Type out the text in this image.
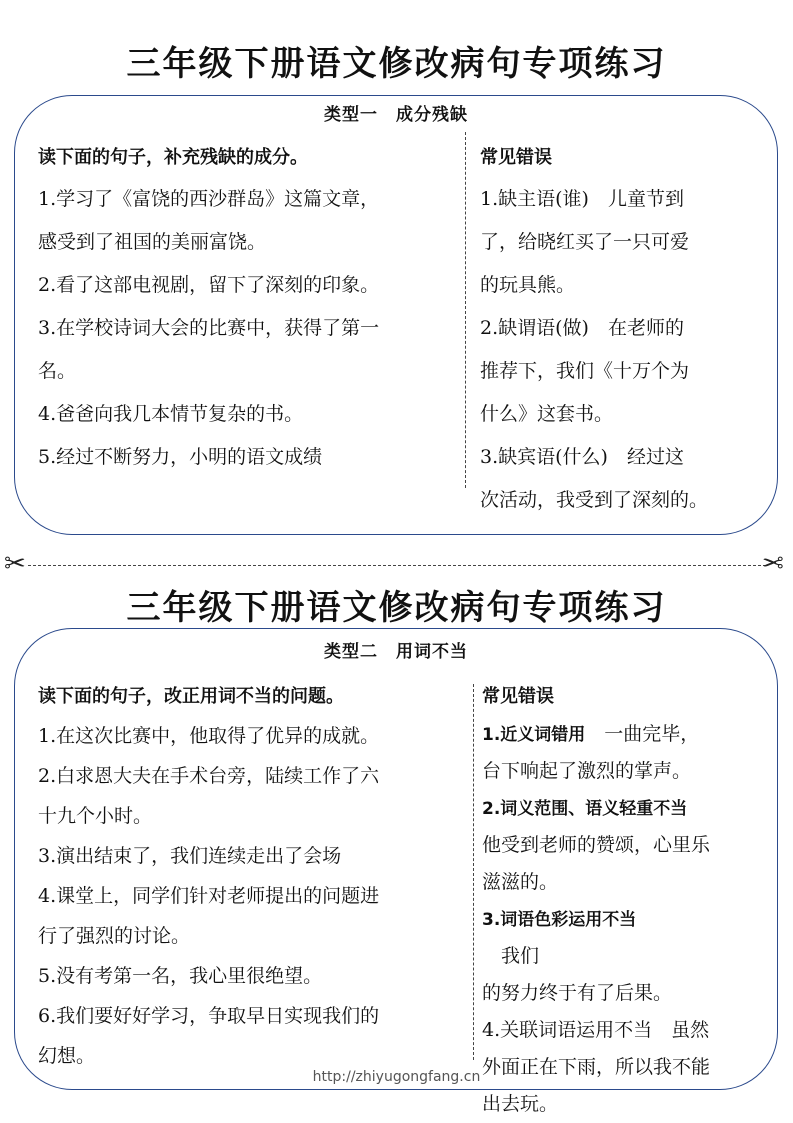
三年级下册语文修改病句专项练习
类型一　成分残缺
读下面的句子，补充残缺的成分。
1.学习了《富饶的西沙群岛》这篇文章，
感受到了祖国的美丽富饶。
2.看了这部电视剧，留下了深刻的印象。
3.在学校诗词大会的比赛中，获得了第一
名。
4.爸爸向我几本情节复杂的书。
5.经过不断努力，小明的语文成绩
常见错误
1.缺主语(谁)　儿童节到
了，给晓红买了一只可爱
的玩具熊。
2.缺谓语(做)　在老师的
推荐下，我们《十万个为
什么》这套书。
3.缺宾语(什么)　经过这
次活动，我受到了深刻的。
✂	✂
三年级下册语文修改病句专项练习
类型二　用词不当
读下面的句子，改正用词不当的问题。
1.在这次比赛中，他取得了优异的成就。
2.白求恩大夫在手术台旁，陆续工作了六
十九个小时。
3.演出结束了，我们连续走出了会场
4.课堂上，同学们针对老师提出的问题进
行了强烈的讨论。
5.没有考第一名，我心里很绝望。
6.我们要好好学习，争取早日实现我们的
幻想。
常见错误
1.近义词错用　一曲完毕，
台下响起了激烈的掌声。
2.词义范围、语义轻重不当
他受到老师的赞颂，心里乐
滋滋的。
3.词语色彩运用不当
　我们
的努力终于有了后果。
4.关联词语运用不当　虽然
外面正在下雨，所以我不能
出去玩。
http://zhiyugongfang.cn
